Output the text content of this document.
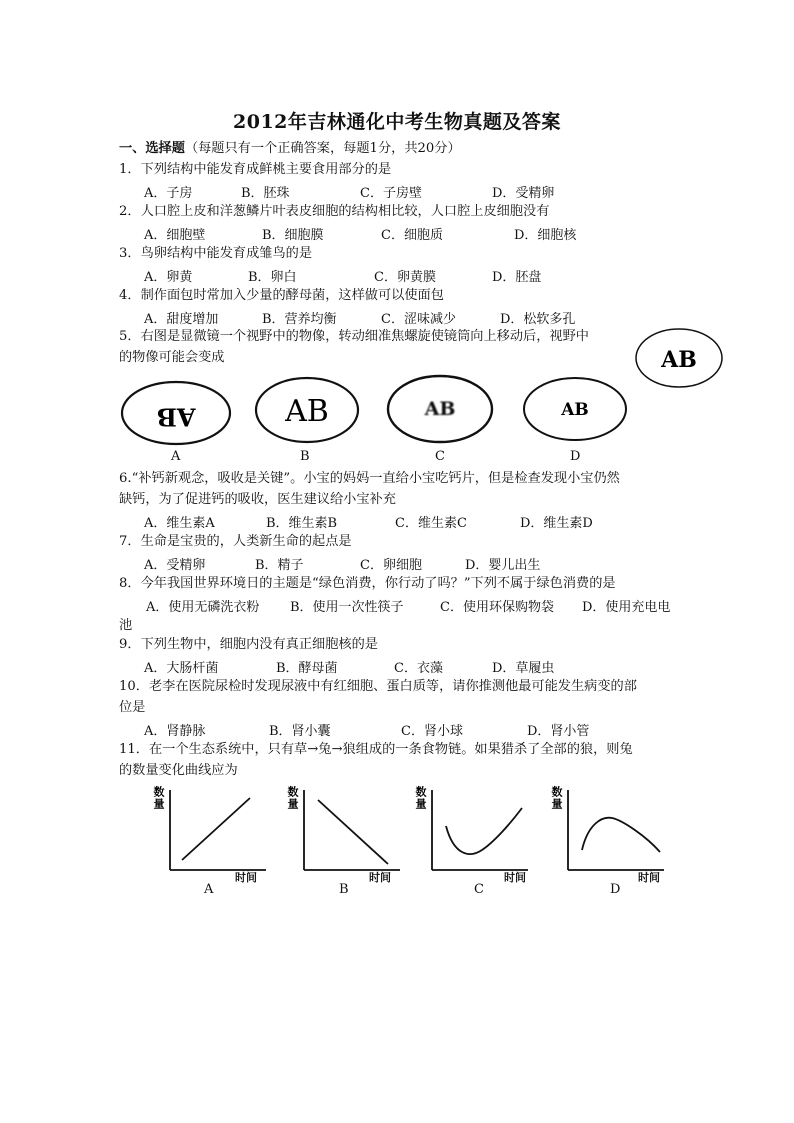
2012年吉林通化中考生物真题及答案
一、选择题（每题只有一个正确答案，每题1分，共20分）
1．下列结构中能发育成鲜桃主要食用部分的是
A．子房	B．胚珠	C．子房壁	D．受精卵
2．人口腔上皮和洋葱鳞片叶表皮细胞的结构相比较，人口腔上皮细胞没有
A．细胞壁	B．细胞膜	C．细胞质	D．细胞核
3．鸟卵结构中能发育成雏鸟的是
A．卵黄	B．卵白	C．卵黄膜	D．胚盘
4．制作面包时常加入少量的酵母菌，这样做可以使面包
A．甜度增加	B．营养均衡	C．涩味减少	D．松软多孔
5．右图是显微镜一个视野中的物像，转动细准焦螺旋使镜筒向上移动后，视野中
的物像可能会变成	AB
AB
A
AB
B
AB
C
AB
D
6.“补钙新观念，吸收是关键”。小宝的妈妈一直给小宝吃钙片，但是检查发现小宝仍然
缺钙，为了促进钙的吸收，医生建议给小宝补充
A．维生素A	B．维生素B	C．维生素C	D．维生素D
7．生命是宝贵的，人类新生命的起点是
A．受精卵	B．精子	C．卵细胞	D．婴儿出生
8．今年我国世界环境日的主题是“绿色消费，你行动了吗？”下列不属于绿色消费的是
A．使用无磷洗衣粉 B．使用一次性筷子	C．使用环保购物袋 D．使用充电电
池
9．下列生物中，细胞内没有真正细胞核的是
A．大肠杆菌	B．酵母菌	C．衣藻	D．草履虫
10．老李在医院尿检时发现尿液中有红细胞、蛋白质等，请你推测他最可能发生病变的部
位是
A．肾静脉	B．肾小囊	C．肾小球	D．肾小管
11．在一个生态系统中，只有草→兔→狼组成的一条食物链。如果猎杀了全部的狼，则兔
的数量变化曲线应为
数量
时间
A
数量
时间
B
数量
时间
C
数量
时间
D
